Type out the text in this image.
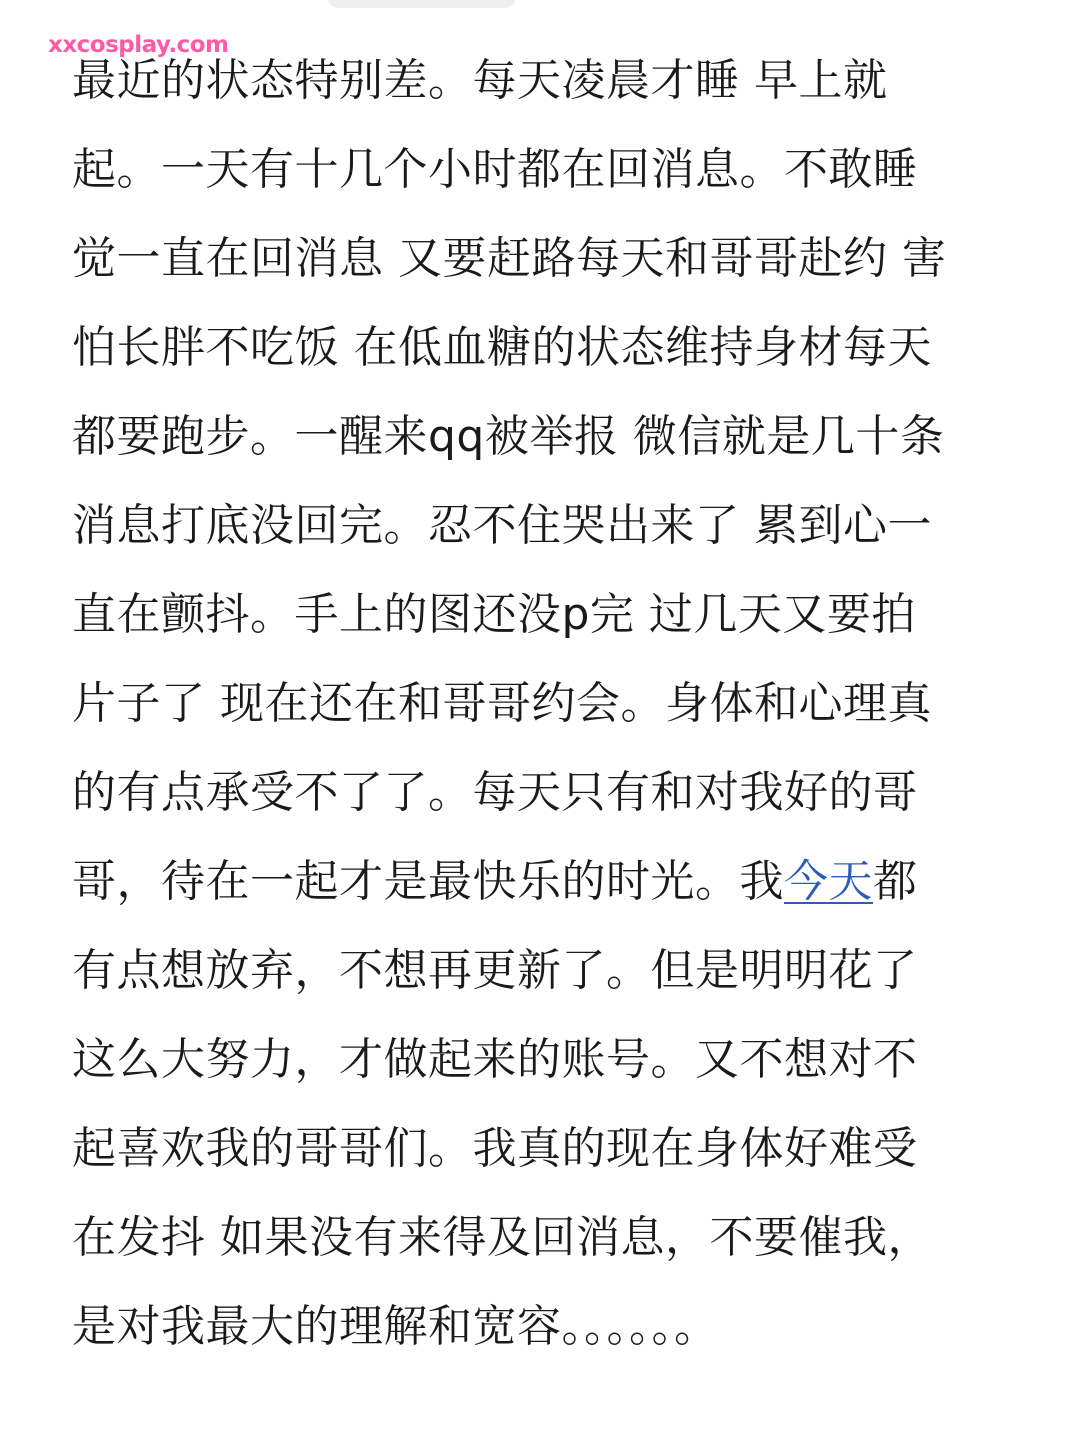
xxcosplay.com
最近的状态特别差。每天凌晨才睡 早上就
起。一天有十几个小时都在回消息。不敢睡
觉一直在回消息 又要赶路每天和哥哥赴约 害
怕长胖不吃饭 在低血糖的状态维持身材每天
都要跑步。一醒来qq被举报 微信就是几十条
消息打底没回完。忍不住哭出来了 累到心一
直在颤抖。手上的图还没p完 过几天又要拍
片子了 现在还在和哥哥约会。身体和心理真
的有点承受不了了。每天只有和对我好的哥
哥，待在一起才是最快乐的时光。我今天都
有点想放弃，不想再更新了。但是明明花了
这么大努力，才做起来的账号。又不想对不
起喜欢我的哥哥们。我真的现在身体好难受
在发抖 如果没有来得及回消息，不要催我，
是对我最大的理解和宽容。。。。。。
